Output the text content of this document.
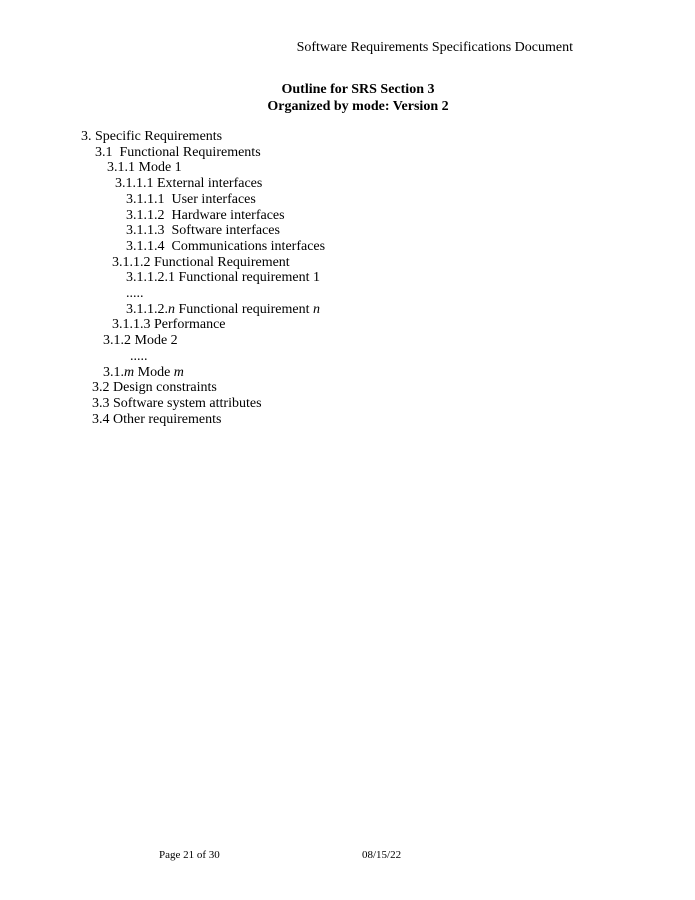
Software Requirements Specifications Document
Outline for SRS Section 3
Organized by mode: Version 2
3. Specific Requirements
3.1 Functional Requirements
3.1.1 Mode 1
3.1.1.1 External interfaces
3.1.1.1 User interfaces
3.1.1.2 Hardware interfaces
3.1.1.3 Software interfaces
3.1.1.4 Communications interfaces
3.1.1.2 Functional Requirement
3.1.1.2.1 Functional requirement 1
.....
3.1.1.2.n Functional requirement n
3.1.1.3 Performance
3.1.2 Mode 2
.....
3.1.m Mode m
3.2 Design constraints
3.3 Software system attributes
3.4 Other requirements
Page 21 of 30	08/15/22
